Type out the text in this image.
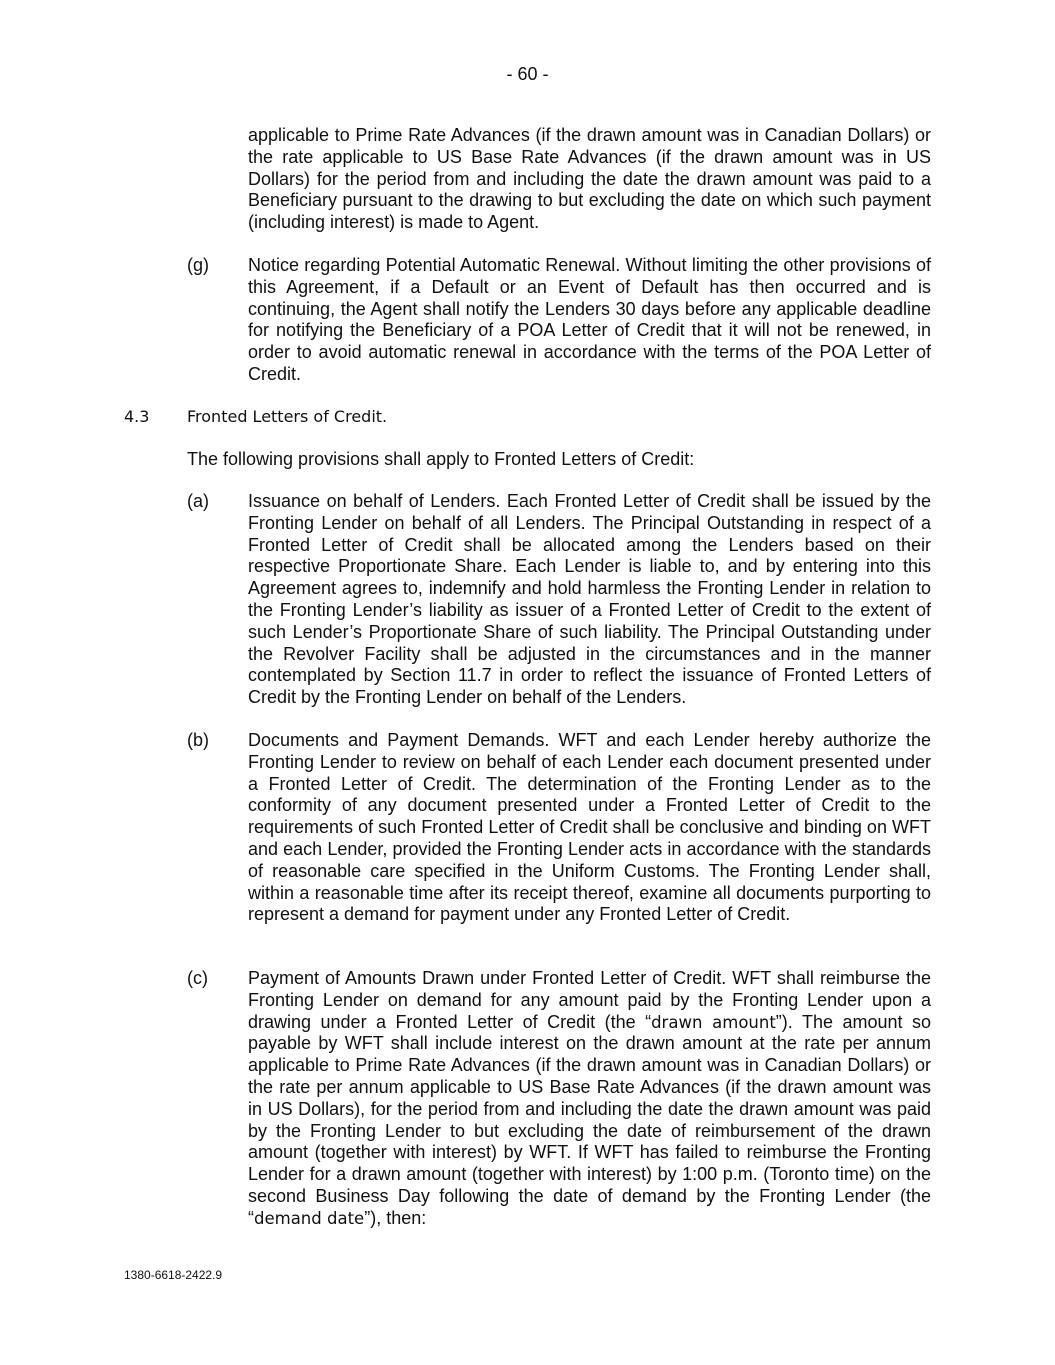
- 60 -

applicable to Prime Rate Advances (if the drawn amount was in Canadian Dollars) or the rate applicable to US Base Rate Advances (if the drawn amount was in US Dollars) for the period from and including the date the drawn amount was paid to a Beneficiary pursuant to the drawing to but excluding the date on which such payment (including interest) is made to Agent.

(g) Notice regarding Potential Automatic Renewal. Without limiting the other provisions of this Agreement, if a Default or an Event of Default has then occurred and is continuing, the Agent shall notify the Lenders 30 days before any applicable deadline for notifying the Beneficiary of a POA Letter of Credit that it will not be renewed, in order to avoid automatic renewal in accordance with the terms of the POA Letter of Credit.

4.3 Fronted Letters of Credit.
The following provisions shall apply to Fronted Letters of Credit:
(a) Issuance on behalf of Lenders. Each Fronted Letter of Credit shall be issued by the Fronting Lender on behalf of all Lenders. The Principal Outstanding in respect of a Fronted Letter of Credit shall be allocated among the Lenders based on their respective Proportionate Share. Each Lender is liable to, and by entering into this Agreement agrees to, indemnify and hold harmless the Fronting Lender in relation to the Fronting Lender’s liability as issuer of a Fronted Letter of Credit to the extent of such Lender’s Proportionate Share of such liability. The Principal Outstanding under the Revolver Facility shall be adjusted in the circumstances and in the manner contemplated by Section 11.7 in order to reflect the issuance of Fronted Letters of Credit by the Fronting Lender on behalf of the Lenders.

(b) Documents and Payment Demands. WFT and each Lender hereby authorize the Fronting Lender to review on behalf of each Lender each document presented under a Fronted Letter of Credit. The determination of the Fronting Lender as to the conformity of any document presented under a Fronted Letter of Credit to the requirements of such Fronted Letter of Credit shall be conclusive and binding on WFT and each Lender, provided the Fronting Lender acts in accordance with the standards of reasonable care specified in the Uniform Customs. The Fronting Lender shall, within a reasonable time after its receipt thereof, examine all documents purporting to represent a demand for payment under any Fronted Letter of Credit.

(c) Payment of Amounts Drawn under Fronted Letter of Credit. WFT shall reimburse the Fronting Lender on demand for any amount paid by the Fronting Lender upon a drawing under a Fronted Letter of Credit (the “drawn amount”). The amount so payable by WFT shall include interest on the drawn amount at the rate per annum applicable to Prime Rate Advances (if the drawn amount was in Canadian Dollars) or the rate per annum applicable to US Base Rate Advances (if the drawn amount was in US Dollars), for the period from and including the date the drawn amount was paid by the Fronting Lender to but excluding the date of reimbursement of the drawn amount (together with interest) by WFT. If WFT has failed to reimburse the Fronting Lender for a drawn amount (together with interest) by 1:00 p.m. (Toronto time) on the second Business Day following the date of demand by the Fronting Lender (the “demand date”), then:

1380-6618-2422.9
